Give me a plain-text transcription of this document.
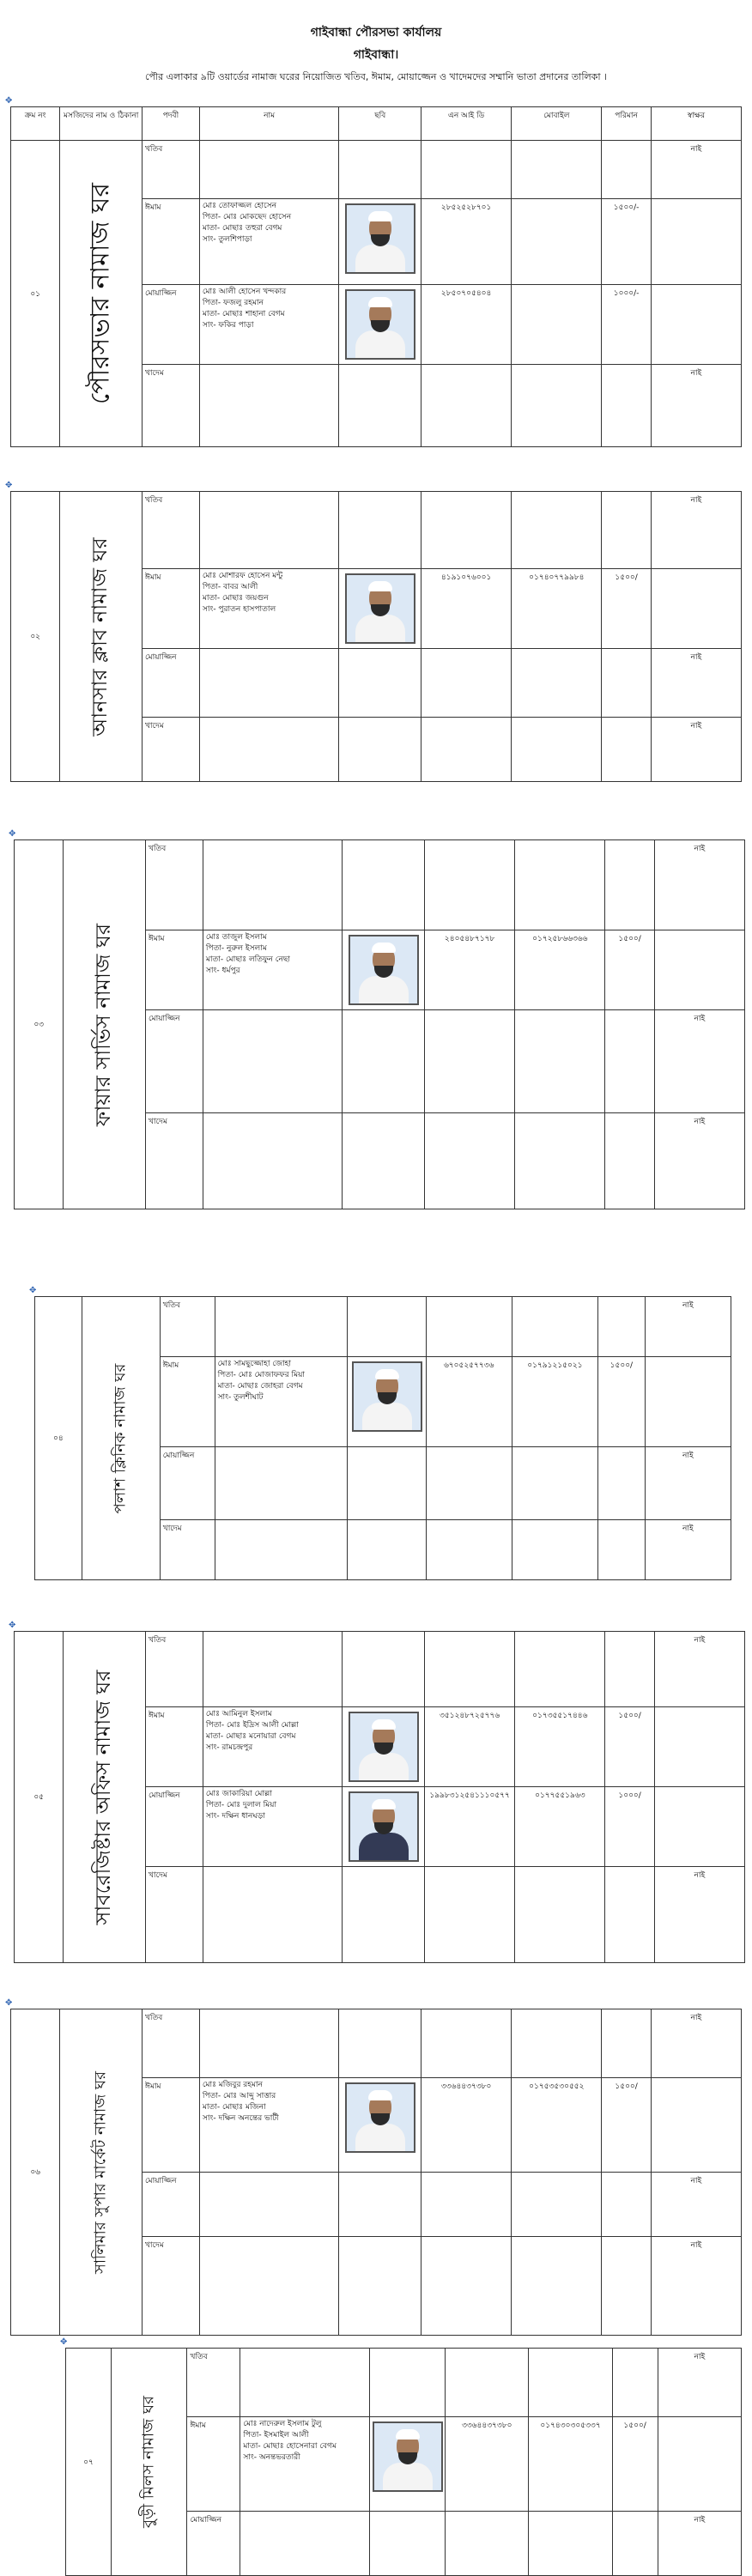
গাইবান্ধা পৌরসভা কার্যালয়
গাইবান্ধা।
পৌর এলাকার ৯টি ওয়ার্ডের নামাজ ঘরের নিয়োজিত খতিব, ঈমাম, মোয়াজ্জেন ও খাদেমদের সম্মানি ভাতা প্রদানের তালিকা ।
✥
ক্রম নং	মসজিদের নাম ও ঠিকানা	পদবী	নাম	ছবি	এন আই ডি	মোবাইল	পরিমান	স্বাক্ষর
০১	পৌরসভার নামাজ ঘর	খতিব						নাই
		ঈমাম	মোঃ তোফাজ্জল হোসেন
পিতা- মোঃ মোকছেদ হোসেন
মাতা- মোছাঃ তহুরা বেগম
সাং- তুলশিপাড়া		২৮৫২৫২৮৭০১		১৫০০/-	
		মোয়াজ্জিন	মোঃ আলী হোসেন খন্দকার
পিতা- ফজলু রহমান
মাতা- মোছাঃ শাহানা বেগম
সাং- ফকির পাড়া		২৮৫০৭০৫৪০৪		১০০০/-	
		খাদেম						নাই
✥
০২	আনসার ক্লাব নামাজ ঘর	খতিব						নাই
		ঈমাম	মোঃ মোশারফ হোসেন মন্টু
পিতা- বাবর আলী
মাতা- মোছাঃ জয়গুন
সাং- পুরাতন হাসপাতাল		৪১৯১০৭৬০০১	০১৭৪০৭৭৯৯৮৪	১৫০০/	
		মোয়াজ্জিন						নাই
		খাদেম						নাই
✥
০৩	ফায়ার সার্ভিস নামাজ ঘর	খতিব						নাই
		ঈমাম	মোঃ তাজুল ইসলাম
পিতা- নুরুল ইসলাম
মাতা- মোছাঃ লতিফুন নেছা
সাং- ধর্মপুর		২৪০৫৪৮৭১৭৮	০১৭২৫৮৬৬৩৬৬	১৫০০/	
		মোয়াজ্জিন						নাই
		খাদেম						নাই
✥
০৪	পলাশ ক্লিনিক নামাজ ঘর	খতিব						নাই
		ঈমাম	মোঃ সামছুজ্জোহা জোহা
পিতা- মোঃ মোজাফফর মিয়া
মাতা- মোছাঃ জোহরা বেগম
সাং- তুলশীঘাট		৬৭০৫২৫৭৭৩৬	০১৭৯১২১৫০২১	১৫০০/	
		মোয়াজ্জিন						নাই
		খাদেম						নাই
✥
০৫	সাবরেজিষ্টার অফিস নামাজ ঘর	খতিব						নাই
		ঈমাম	মোঃ আমিনুল ইসলাম
পিতা- মোঃ ইদ্রিস আলী মোল্লা
মাতা- মোছাঃ মনোয়ারা বেগম
সাং- রামচন্দ্রপুর		৩৫১২৪৮৭২৫৭৭৬	০১৭৩৫৫১৭৪৪৬	১৫০০/	
		মোয়াজ্জিন	মোঃ জাকারিয়া মোল্লা
পিতা- মোঃ দুলাল মিয়া
সাং- দক্ষিন ধানঘড়া		১৯৯৮৩১২৫৪১১১০৫৭৭	০১৭৭৫৫১৯৬৩	১০০০/	
		খাদেম						নাই
✥
০৬	সালিমার সুপার মার্কেট নামাজ ঘর	খতিব						নাই
		ঈমাম	মোঃ মজিবুর রহমান
পিতা- মোঃ আব্দু সাত্তার
মাতা- মোছাঃ মজিনা
সাং- দক্ষিন অনন্তের ভাটী		৩৩৬৪৪৩৭৩৮০	০১৭৫৩৫৩০৫৫২	১৫০০/	
		মোয়াজ্জিন						নাই
		খাদেম						নাই
✥
০৭	বুড়ী মিলস নামাজ ঘর	খতিব						নাই
		ঈমাম	মোঃ নাদেরুল ইসলাম টুলু
পিতা- ইসমাইল আলী
মাতা- মোছাঃ হোসেনারা বেগম
সাং- অনন্তভরতারী		৩৩৬৪৪৩৭৩৮০	০১৭৪৩০৩০৫৩৩৭	১৫০০/	
		মোয়াজ্জিন						নাই
